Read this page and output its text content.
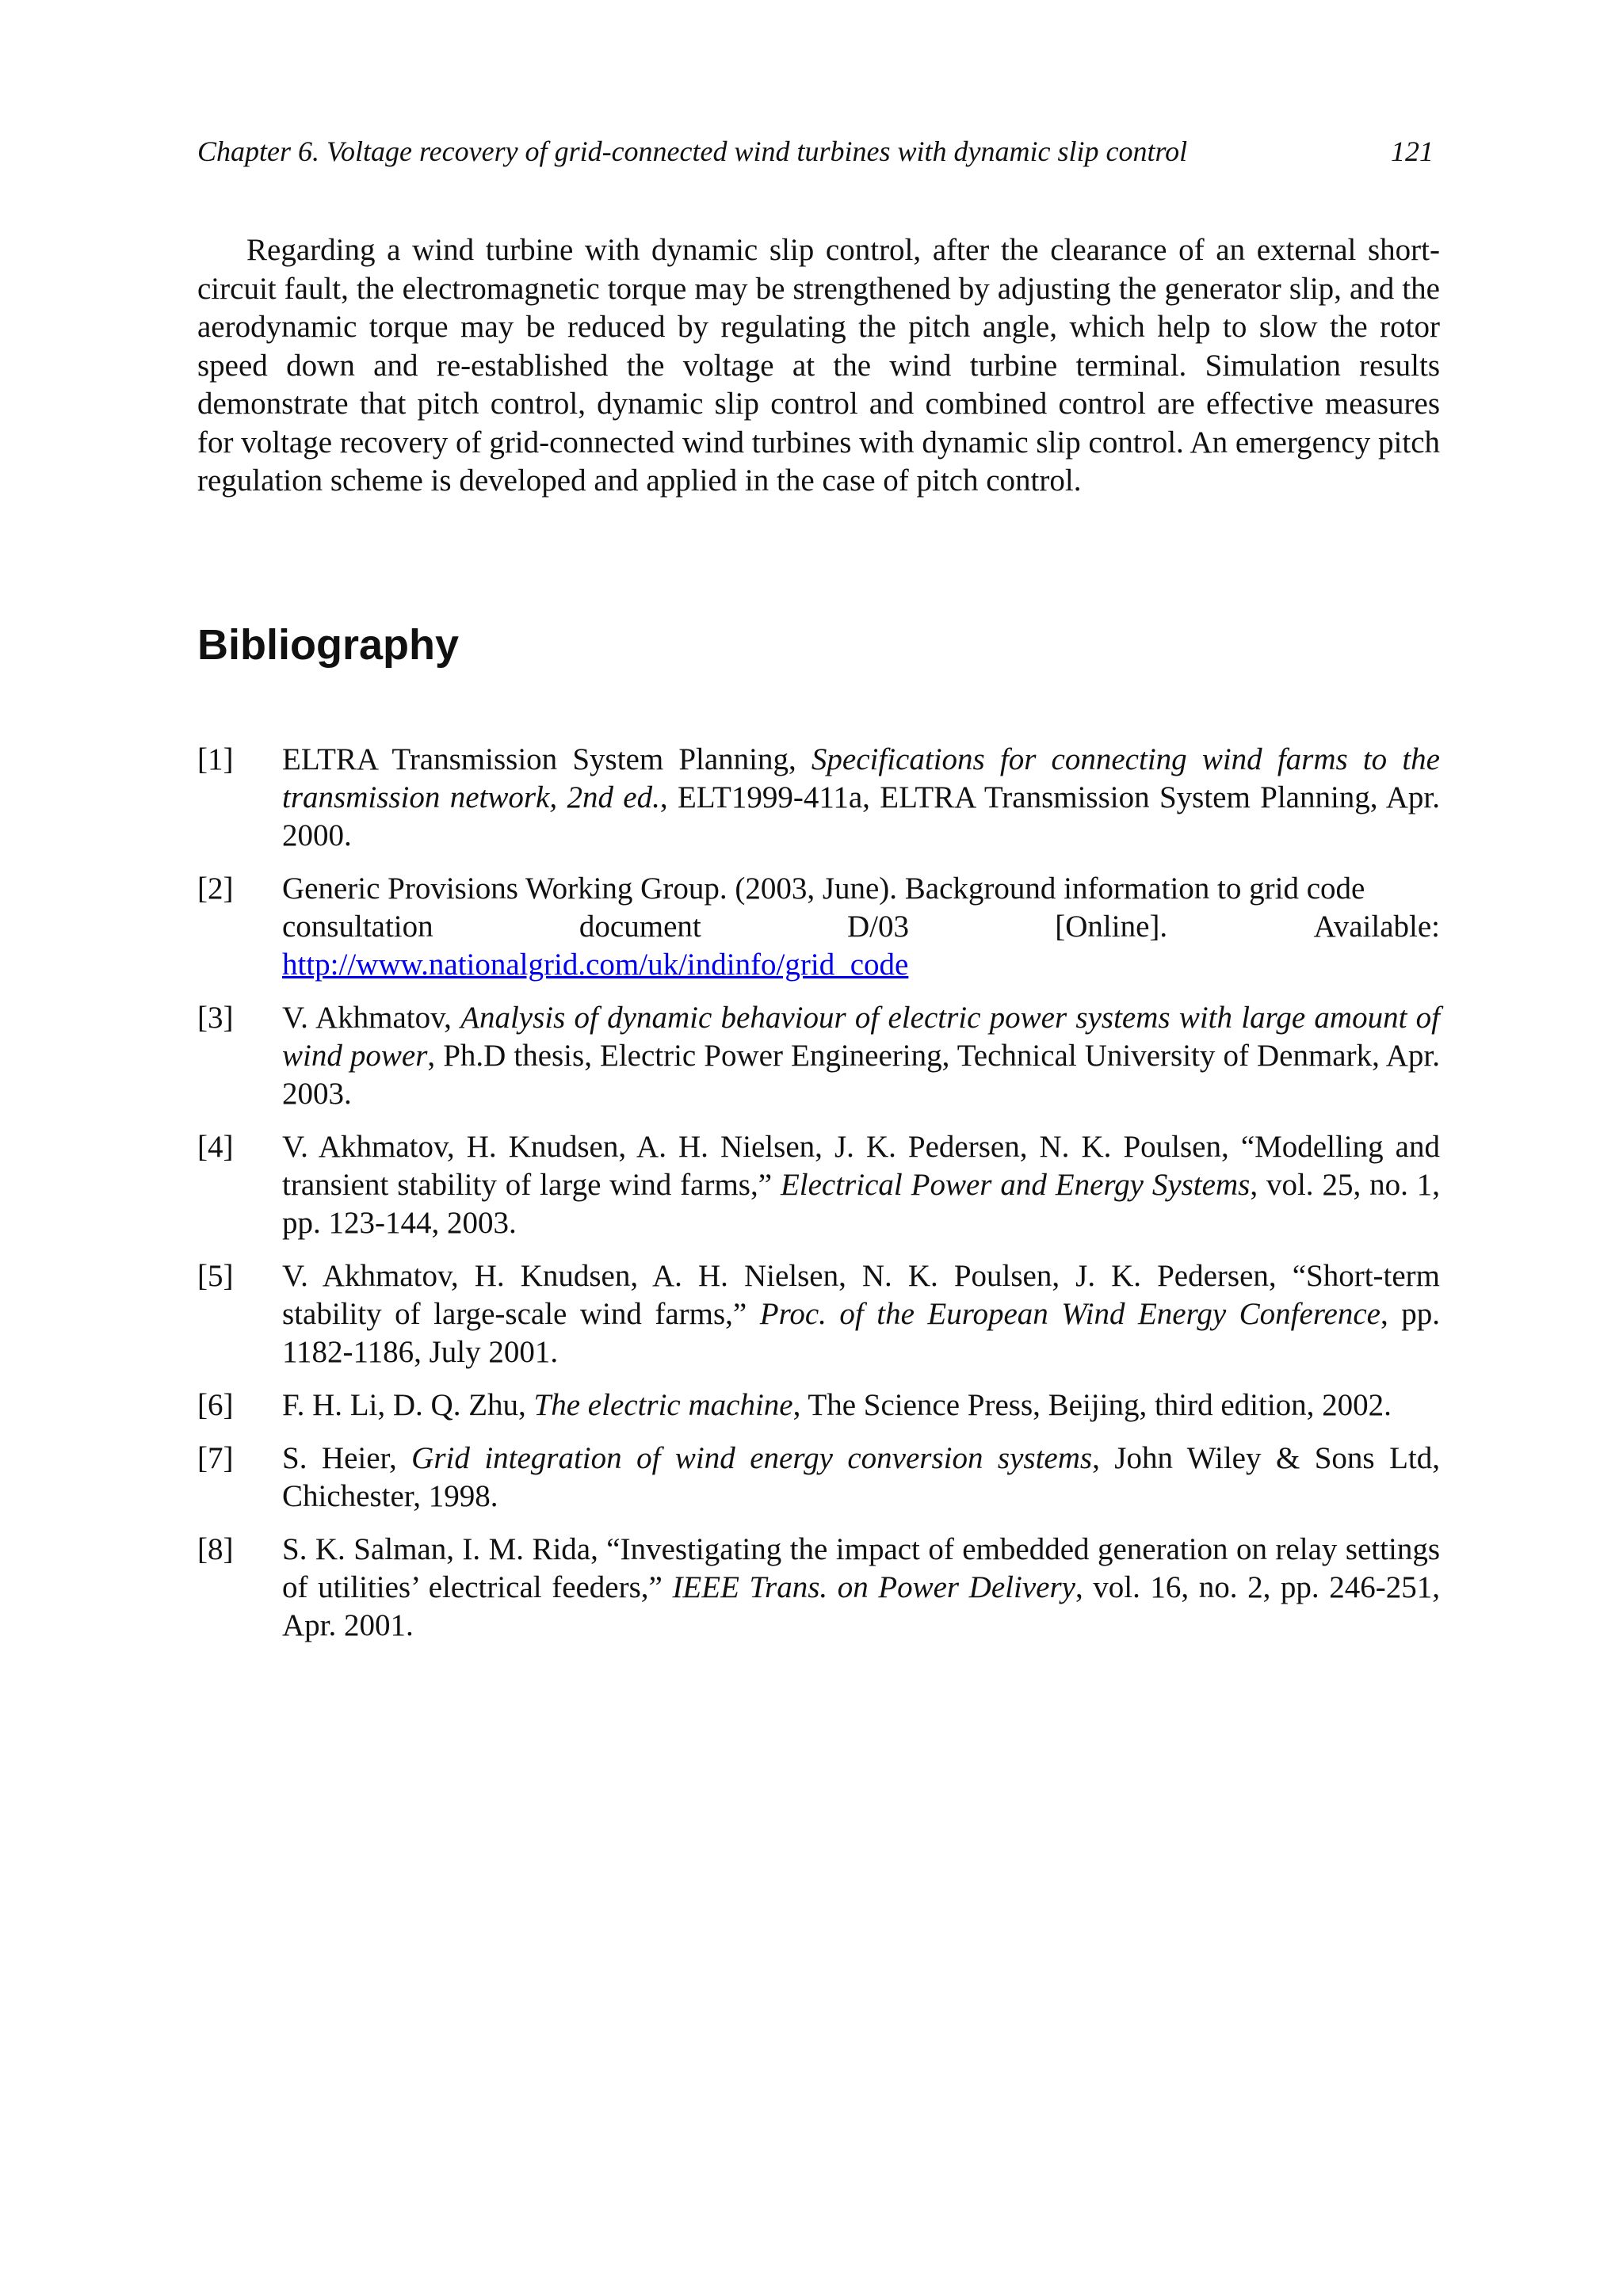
Chapter 6. Voltage recovery of grid-connected wind turbines with dynamic slip control	121

Regarding a wind turbine with dynamic slip control, after the clearance of an external short-circuit fault, the electromagnetic torque may be strengthened by adjusting the generator slip, and the aerodynamic torque may be reduced by regulating the pitch angle, which help to slow the rotor speed down and re-established the voltage at the wind turbine terminal. Simulation results demonstrate that pitch control, dynamic slip control and combined control are effective measures for voltage recovery of grid-connected wind turbines with dynamic slip control. An emergency pitch regulation scheme is developed and applied in the case of pitch control.

Bibliography
[1] ELTRA Transmission System Planning, Specifications for connecting wind farms to the transmission network, 2nd ed., ELT1999-411a, ELTRA Transmission System Planning, Apr. 2000.
[2] Generic Provisions Working Group. (2003, June). Background information to grid code
consultation	document	D/03	[Online].	Available:
http://www.nationalgrid.com/uk/indinfo/grid_code
[3] V. Akhmatov, Analysis of dynamic behaviour of electric power systems with large amount of wind power, Ph.D thesis, Electric Power Engineering, Technical University of Denmark, Apr. 2003.
[4] V. Akhmatov, H. Knudsen, A. H. Nielsen, J. K. Pedersen, N. K. Poulsen, “Modelling and transient stability of large wind farms,” Electrical Power and Energy Systems, vol. 25, no. 1, pp. 123-144, 2003.
[5] V. Akhmatov, H. Knudsen, A. H. Nielsen, N. K. Poulsen, J. K. Pedersen, “Short-term stability of large-scale wind farms,” Proc. of the European Wind Energy Conference, pp. 1182-1186, July 2001.
[6] F. H. Li, D. Q. Zhu, The electric machine, The Science Press, Beijing, third edition, 2002.
[7] S. Heier, Grid integration of wind energy conversion systems, John Wiley & Sons Ltd, Chichester, 1998.
[8] S. K. Salman, I. M. Rida, “Investigating the impact of embedded generation on relay settings of utilities’ electrical feeders,” IEEE Trans. on Power Delivery, vol. 16, no. 2, pp. 246-251, Apr. 2001.
